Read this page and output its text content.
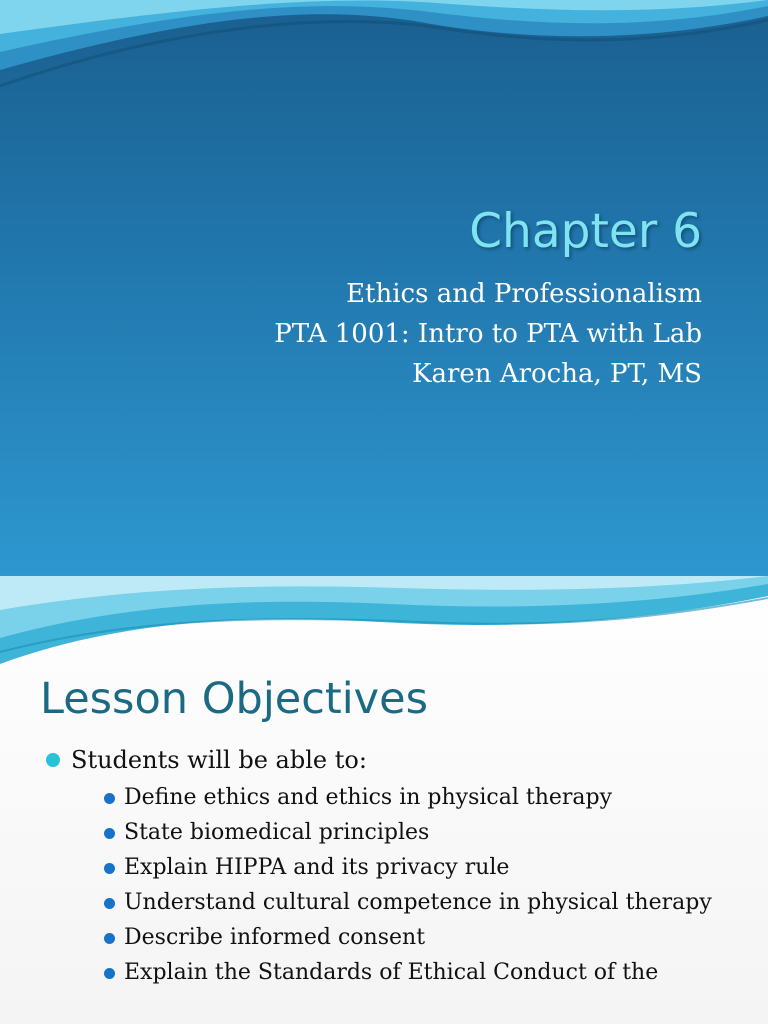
Chapter 6
Ethics and Professionalism
PTA 1001: Intro to PTA with Lab
Karen Arocha, PT, MS
Lesson Objectives
Students will be able to:
Define ethics and ethics in physical therapy
State biomedical principles
Explain HIPPA and its privacy rule
Understand cultural competence in physical therapy
Describe informed consent
Explain the Standards of Ethical Conduct of the
